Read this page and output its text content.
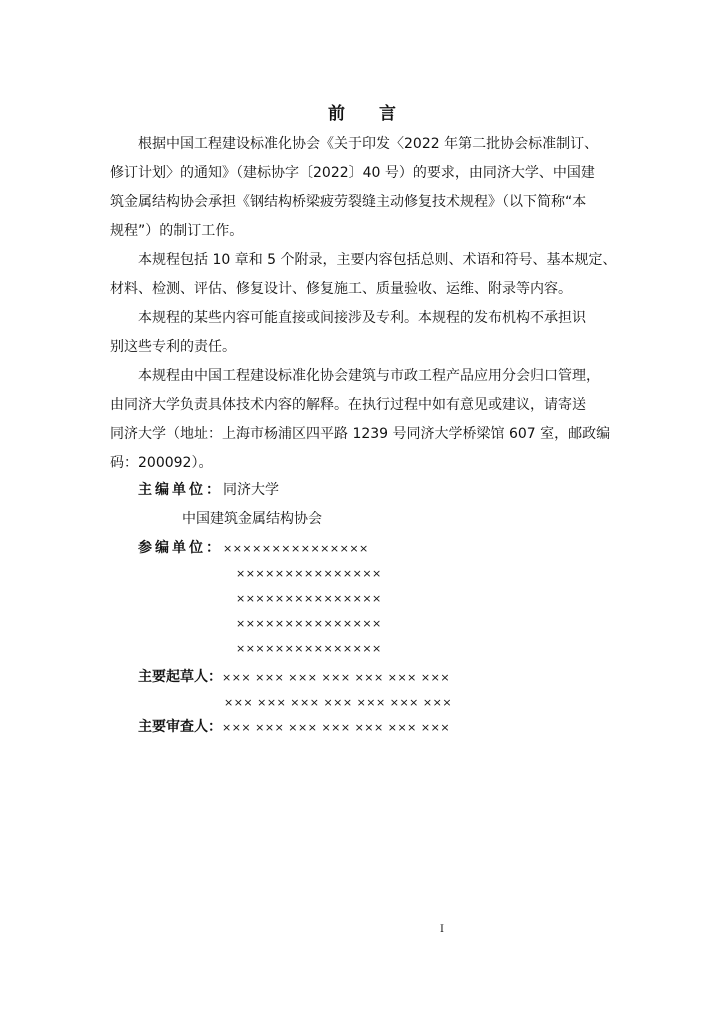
前 言

根据中国工程建设标准化协会《关于印发〈2022 年第二批协会标准制订、
修订计划〉的通知》（建标协字〔2022〕40 号）的要求，由同济大学、中国建
筑金属结构协会承担《钢结构桥梁疲劳裂缝主动修复技术规程》（以下简称“本
规程”）的制订工作。

本规程包括 10 章和 5 个附录，主要内容包括总则、术语和符号、基本规定、
材料、检测、评估、修复设计、修复施工、质量验收、运维、附录等内容。

本规程的某些内容可能直接或间接涉及专利。本规程的发布机构不承担识
别这些专利的责任。

本规程由中国工程建设标准化协会建筑与市政工程产品应用分会归口管理，
由同济大学负责具体技术内容的解释。在执行过程中如有意见或建议，请寄送
同济大学（地址：上海市杨浦区四平路 1239 号同济大学桥梁馆 607 室，邮政编
码：200092）。

主编单位：同济大学
中国建筑金属结构协会
参编单位：×××××××××××××××
×××××××××××××××
×××××××××××××××
×××××××××××××××
×××××××××××××××
主要起草人：××× ××× ××× ××× ××× ××× ×××
××× ××× ××× ××× ××× ××× ×××
主要审查人：××× ××× ××× ××× ××× ××× ×××
I
